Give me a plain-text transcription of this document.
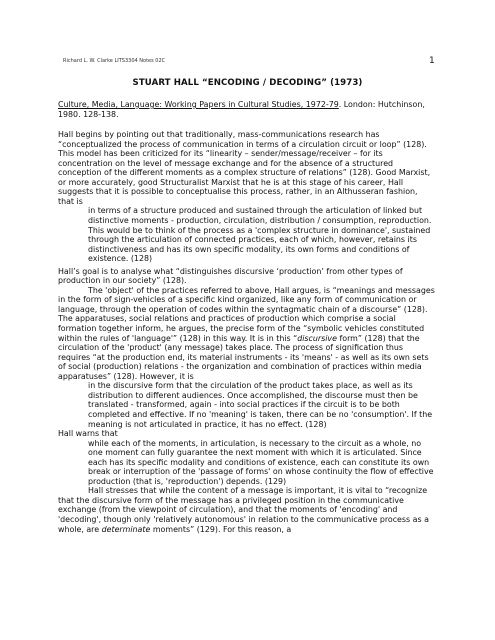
Richard L. W. Clarke LITS3304 Notes 02C	1
STUART HALL “ENCODING / DECODING” (1973)

Culture, Media, Language: Working Papers in Cultural Studies, 1972-79. London: Hutchinson, 1980. 128-138.

Hall begins by pointing out that traditionally, mass-communications research has “conceptualized the process of communication in terms of a circulation circuit or loop” (128). This model has been criticized for its “linearity – sender/message/receiver – for its concentration on the level of message exchange and for the absence of a structured conception of the different moments as a complex structure of relations” (128). Good Marxist, or more accurately, good Structuralist Marxist that he is at this stage of his career, Hall suggests that it is possible to conceptualise this process, rather, in an Althusseran fashion, that is

in terms of a structure produced and sustained through the articulation of linked but distinctive moments - production, circulation, distribution / consumption, reproduction. This would be to think of the process as a 'complex structure in dominance', sustained through the articulation of connected practices, each of which, however, retains its distinctiveness and has its own specific modality, its own forms and conditions of existence. (128)

Hall’s goal is to analyse what “distinguishes discursive ‘production’ from other types of production in our society” (128).

The 'object' of the practices referred to above, Hall argues, is “meanings and messages in the form of sign-vehicles of a specific kind organized, like any form of communication or language, through the operation of codes within the syntagmatic chain of a discourse” (128). The apparatuses, social relations and practices of production which comprise a social formation together inform, he argues, the precise form of the “symbolic vehicles constituted within the rules of 'language'” (128) in this way. It is in this “discursive form” (128) that the circulation of the 'product' (any message) takes place. The process of signification thus requires “at the production end, its material instruments - its 'means' - as well as its own sets of social (production) relations - the organization and combination of practices within media apparatuses” (128). However, it is

in the discursive form that the circulation of the product takes place, as well as its distribution to different audiences. Once accomplished, the discourse must then be translated - transformed, again - into social practices if the circuit is to be both completed and effective. If no 'meaning' is taken, there can be no 'consumption'. If the meaning is not articulated in practice, it has no effect. (128)

Hall warns that

while each of the moments, in articulation, is necessary to the circuit as a whole, no one moment can fully guarantee the next moment with which it is articulated. Since each has its specific modality and conditions of existence, each can constitute its own break or interruption of the 'passage of forms' on whose continuity the flow of effective production (that is, 'reproduction') depends. (129)

Hall stresses that while the content of a message is important, it is vital to “recognize that the discursive form of the message has a privileged position in the communicative exchange (from the viewpoint of circulation), and that the moments of 'encoding' and 'decoding', though only 'relatively autonomous' in relation to the communicative process as a whole, are determinate moments” (129). For this reason, a
